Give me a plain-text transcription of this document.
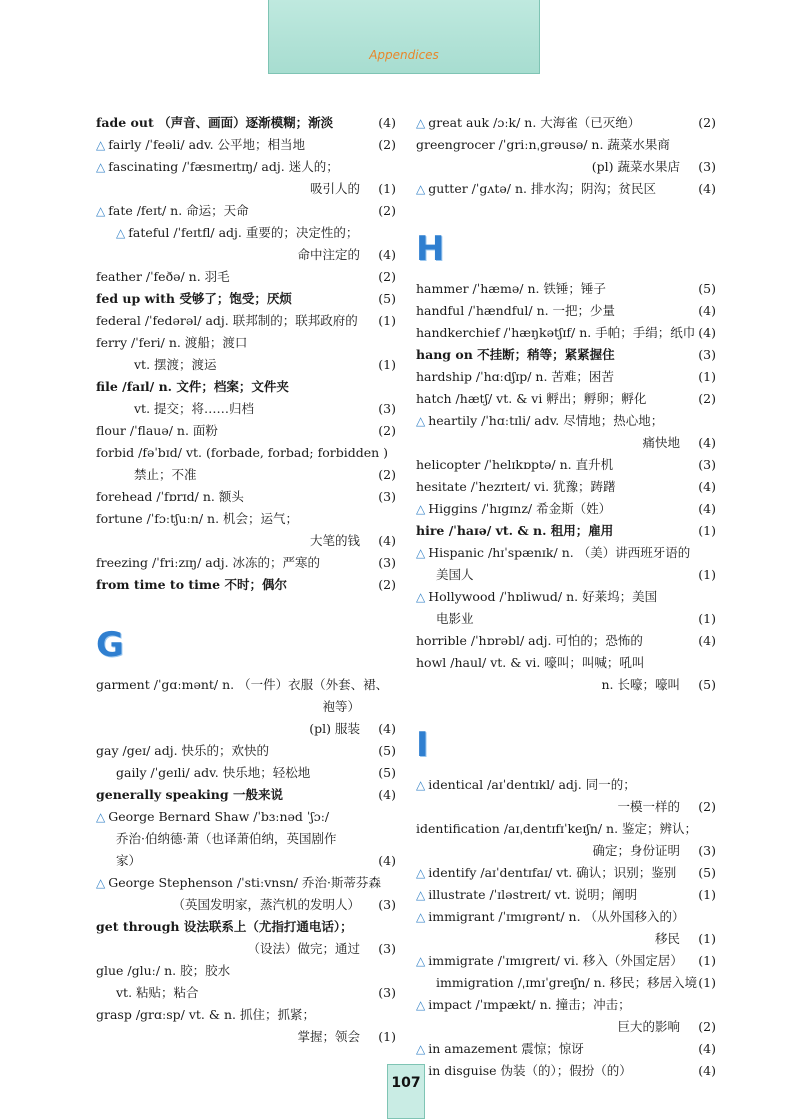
Appendices
fade out （声音、画面）逐渐模糊；渐淡	(4)
△ fairly /ˈfeəli/ adv. 公平地；相当地	(2)
△ fascinating /ˈfæsɪneɪtɪŋ/ adj. 迷人的；
吸引人的 (1)
△ fate /feɪt/ n. 命运；天命	(2)
△ fateful /ˈfeɪtfl/ adj. 重要的；决定性的；
命中注定的 (4)
feather /ˈfeðə/ n. 羽毛	(2)
fed up with 受够了；饱受；厌烦	(5)
federal /ˈfedərəl/ adj. 联邦制的；联邦政府的 (1)
ferry /ˈferi/ n. 渡船；渡口
vt. 摆渡；渡运	(1)
file /faɪl/ n. 文件；档案；文件夹
vt. 提交；将……归档	(3)
flour /ˈflauə/ n. 面粉	(2)
forbid /fəˈbɪd/ vt. (forbade, forbad; forbidden )
禁止；不准	(2)
forehead /ˈfɒrɪd/ n. 额头	(3)
fortune /ˈfɔːtʃuːn/ n. 机会；运气；
大笔的钱 (4)
freezing /ˈfriːzɪŋ/ adj. 冰冻的；严寒的	(3)
from time to time 不时；偶尔	(2)
G
garment /ˈgɑːmənt/ n. （一件）衣服（外套、裙、
袍等）
(pl) 服装 (4)
gay /geɪ/ adj. 快乐的；欢快的	(5)
gaily /ˈgeɪli/ adv. 快乐地；轻松地	(5)
generally speaking 一般来说	(4)
△ George Bernard Shaw /ˈbɜːnəd ˈʃɔː/
乔治·伯纳德·萧（也译萧伯纳，英国剧作
家）	(4)
△ George Stephenson /ˈstiːvnsn/ 乔治·斯蒂芬森
（英国发明家，蒸汽机的发明人） (3)
get through 设法联系上（尤指打通电话）；
（设法）做完；通过 (3)
glue /gluː/ n. 胶；胶水
vt. 粘贴；粘合	(3)
grasp /grɑːsp/ vt. & n. 抓住；抓紧；
掌握；领会 (1)
△ great auk /ɔːk/ n. 大海雀（已灭绝）	(2)
greengrocer /ˈgriːnˌgrəusə/ n. 蔬菜水果商
(pl) 蔬菜水果店 (3)
△ gutter /ˈgʌtə/ n. 排水沟；阴沟；贫民区	(4)
H
hammer /ˈhæmə/ n. 铁锤；锤子	(5)
handful /ˈhændful/ n. 一把；少量	(4)
handkerchief /ˈhæŋkətʃɪf/ n. 手帕；手绢；纸巾 (4)
hang on 不挂断；稍等；紧紧握住	(3)
hardship /ˈhɑːdʃɪp/ n. 苦难；困苦	(1)
hatch /hætʃ/ vt. & vi 孵出；孵卵；孵化	(2)
△ heartily /ˈhɑːtɪli/ adv. 尽情地；热心地；
痛快地 (4)
helicopter /ˈhelɪkɒptə/ n. 直升机	(3)
hesitate /ˈhezɪteɪt/ vi. 犹豫；踌躇	(4)
△ Higgins /ˈhɪgɪnz/ 希金斯（姓）	(4)
hire /ˈhaɪə/ vt. & n. 租用；雇用	(1)
△ Hispanic /hɪˈspænɪk/ n. （美）讲西班牙语的
美国人	(1)
△ Hollywood /ˈhɒliwud/ n. 好莱坞；美国
电影业	(1)
horrible /ˈhɒrəbl/ adj. 可怕的；恐怖的	(4)
howl /haul/ vt. & vi. 嚎叫；叫喊；吼叫
n. 长嚎；嚎叫 (5)
I
△ identical /aɪˈdentɪkl/ adj. 同一的；
一模一样的 (2)
identification /aɪˌdentɪfɪˈkeɪʃn/ n. 鉴定；辨认；
确定；身份证明 (3)
△ identify /aɪˈdentɪfaɪ/ vt. 确认；识别；鉴别 (5)
△ illustrate /ˈɪləstreɪt/ vt. 说明；阐明	(1)
△ immigrant /ˈɪmɪgrənt/ n. （从外国移入的）
移民 (1)
△ immigrate /ˈɪmɪgreɪt/ vi. 移入（外国定居） (1)
immigration /ˌɪmɪˈgreɪʃn/ n. 移民；移居入境 (1)
△ impact /ˈɪmpækt/ n. 撞击；冲击；
巨大的影响 (2)
△ in amazement 震惊；惊讶	(4)
in disguise 伪装（的）；假扮（的）	(4)
107
